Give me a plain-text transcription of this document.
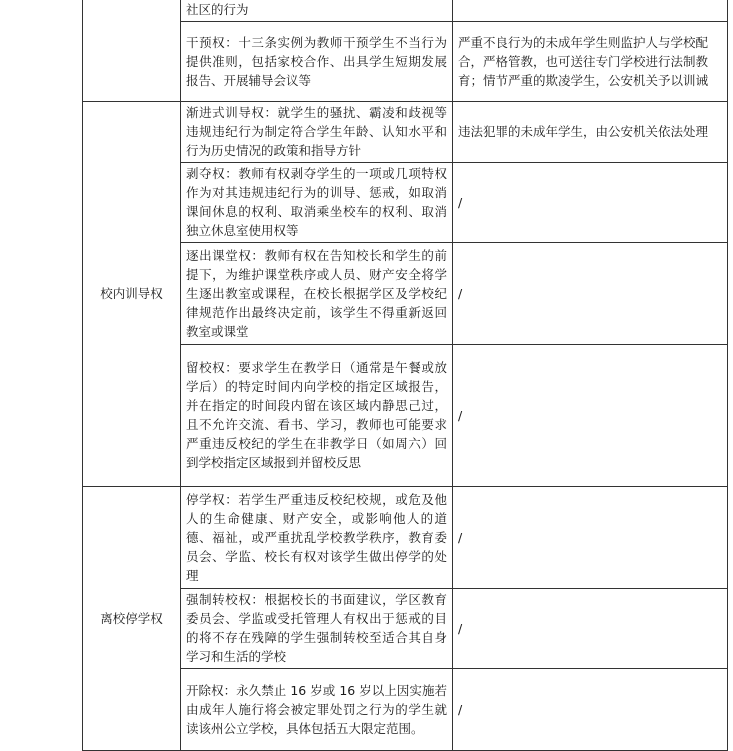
	社区的行为	
	干预权：十三条实例为教师干预学生不当行为提供准则，包括家校合作、出具学生短期发展报告、开展辅导会议等	严重不良行为的未成年学生则监护人与学校配合，严格管教，也可送往专门学校进行法制教育；情节严重的欺凌学生，公安机关予以训诫
校内训导权	渐进式训导权：就学生的骚扰、霸凌和歧视等违规违纪行为制定符合学生年龄、认知水平和行为历史情况的政策和指导方针	违法犯罪的未成年学生，由公安机关依法处理
	剥夺权：教师有权剥夺学生的一项或几项特权作为对其违规违纪行为的训导、惩戒，如取消课间休息的权利、取消乘坐校车的权利、取消独立休息室使用权等	/
	逐出课堂权：教师有权在告知校长和学生的前提下，为维护课堂秩序或人员、财产安全将学生逐出教室或课程，在校长根据学区及学校纪律规范作出最终决定前，该学生不得重新返回教室或课堂	/
	留校权：要求学生在教学日（通常是午餐或放学后）的特定时间内向学校的指定区域报告，并在指定的时间段内留在该区域内静思己过，且不允许交流、看书、学习，教师也可能要求严重违反校纪的学生在非教学日（如周六）回到学校指定区域报到并留校反思	/
离校停学权	停学权：若学生严重违反校纪校规，或危及他人的生命健康、财产安全，或影响他人的道德、福祉，或严重扰乱学校教学秩序，教育委员会、学监、校长有权对该学生做出停学的处理	/
	强制转校权：根据校长的书面建议，学区教育委员会、学监或受托管理人有权出于惩戒的目的将不存在残障的学生强制转校至适合其自身学习和生活的学校	/
	开除权：永久禁止 16 岁或 16 岁以上因实施若由成年人施行将会被定罪处罚之行为的学生就读该州公立学校，具体包括五大限定范围。	/
